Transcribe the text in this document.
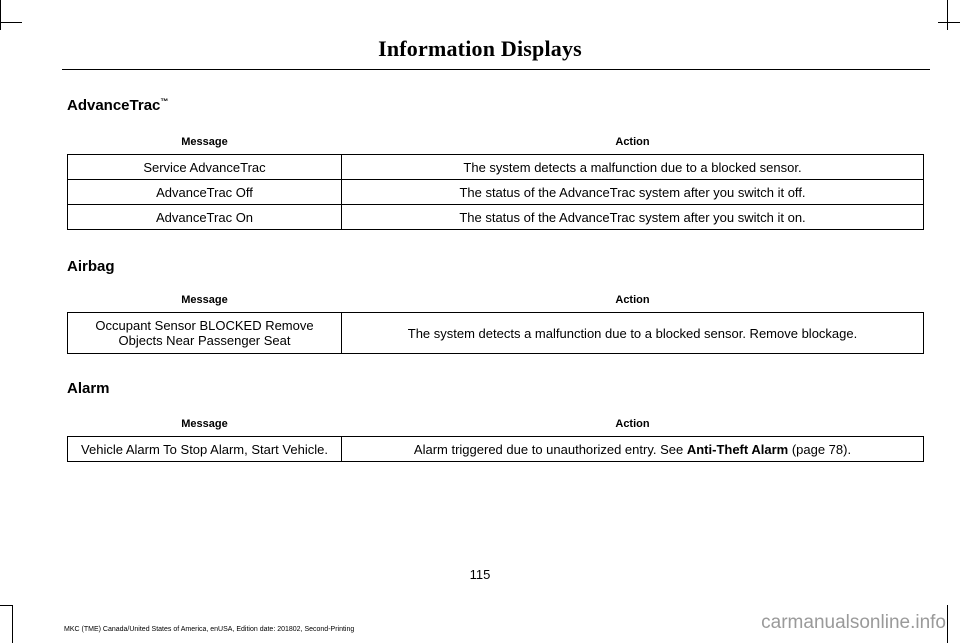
Information Displays
AdvanceTrac™
Message	Action
Service AdvanceTrac	The system detects a malfunction due to a blocked sensor.
AdvanceTrac Off	The status of the AdvanceTrac system after you switch it off.
AdvanceTrac On	The status of the AdvanceTrac system after you switch it on.
Airbag
Message	Action
Occupant Sensor BLOCKED Remove
Objects Near Passenger Seat	The system detects a malfunction due to a blocked sensor. Remove blockage.
Alarm
Message	Action
Vehicle Alarm To Stop Alarm, Start Vehicle.	Alarm triggered due to unauthorized entry. See Anti-Theft Alarm (page 78).
115
MKC (TME) Canada/United States of America, enUSA, Edition date: 201802, Second-Printing	carmanualsonline.info
